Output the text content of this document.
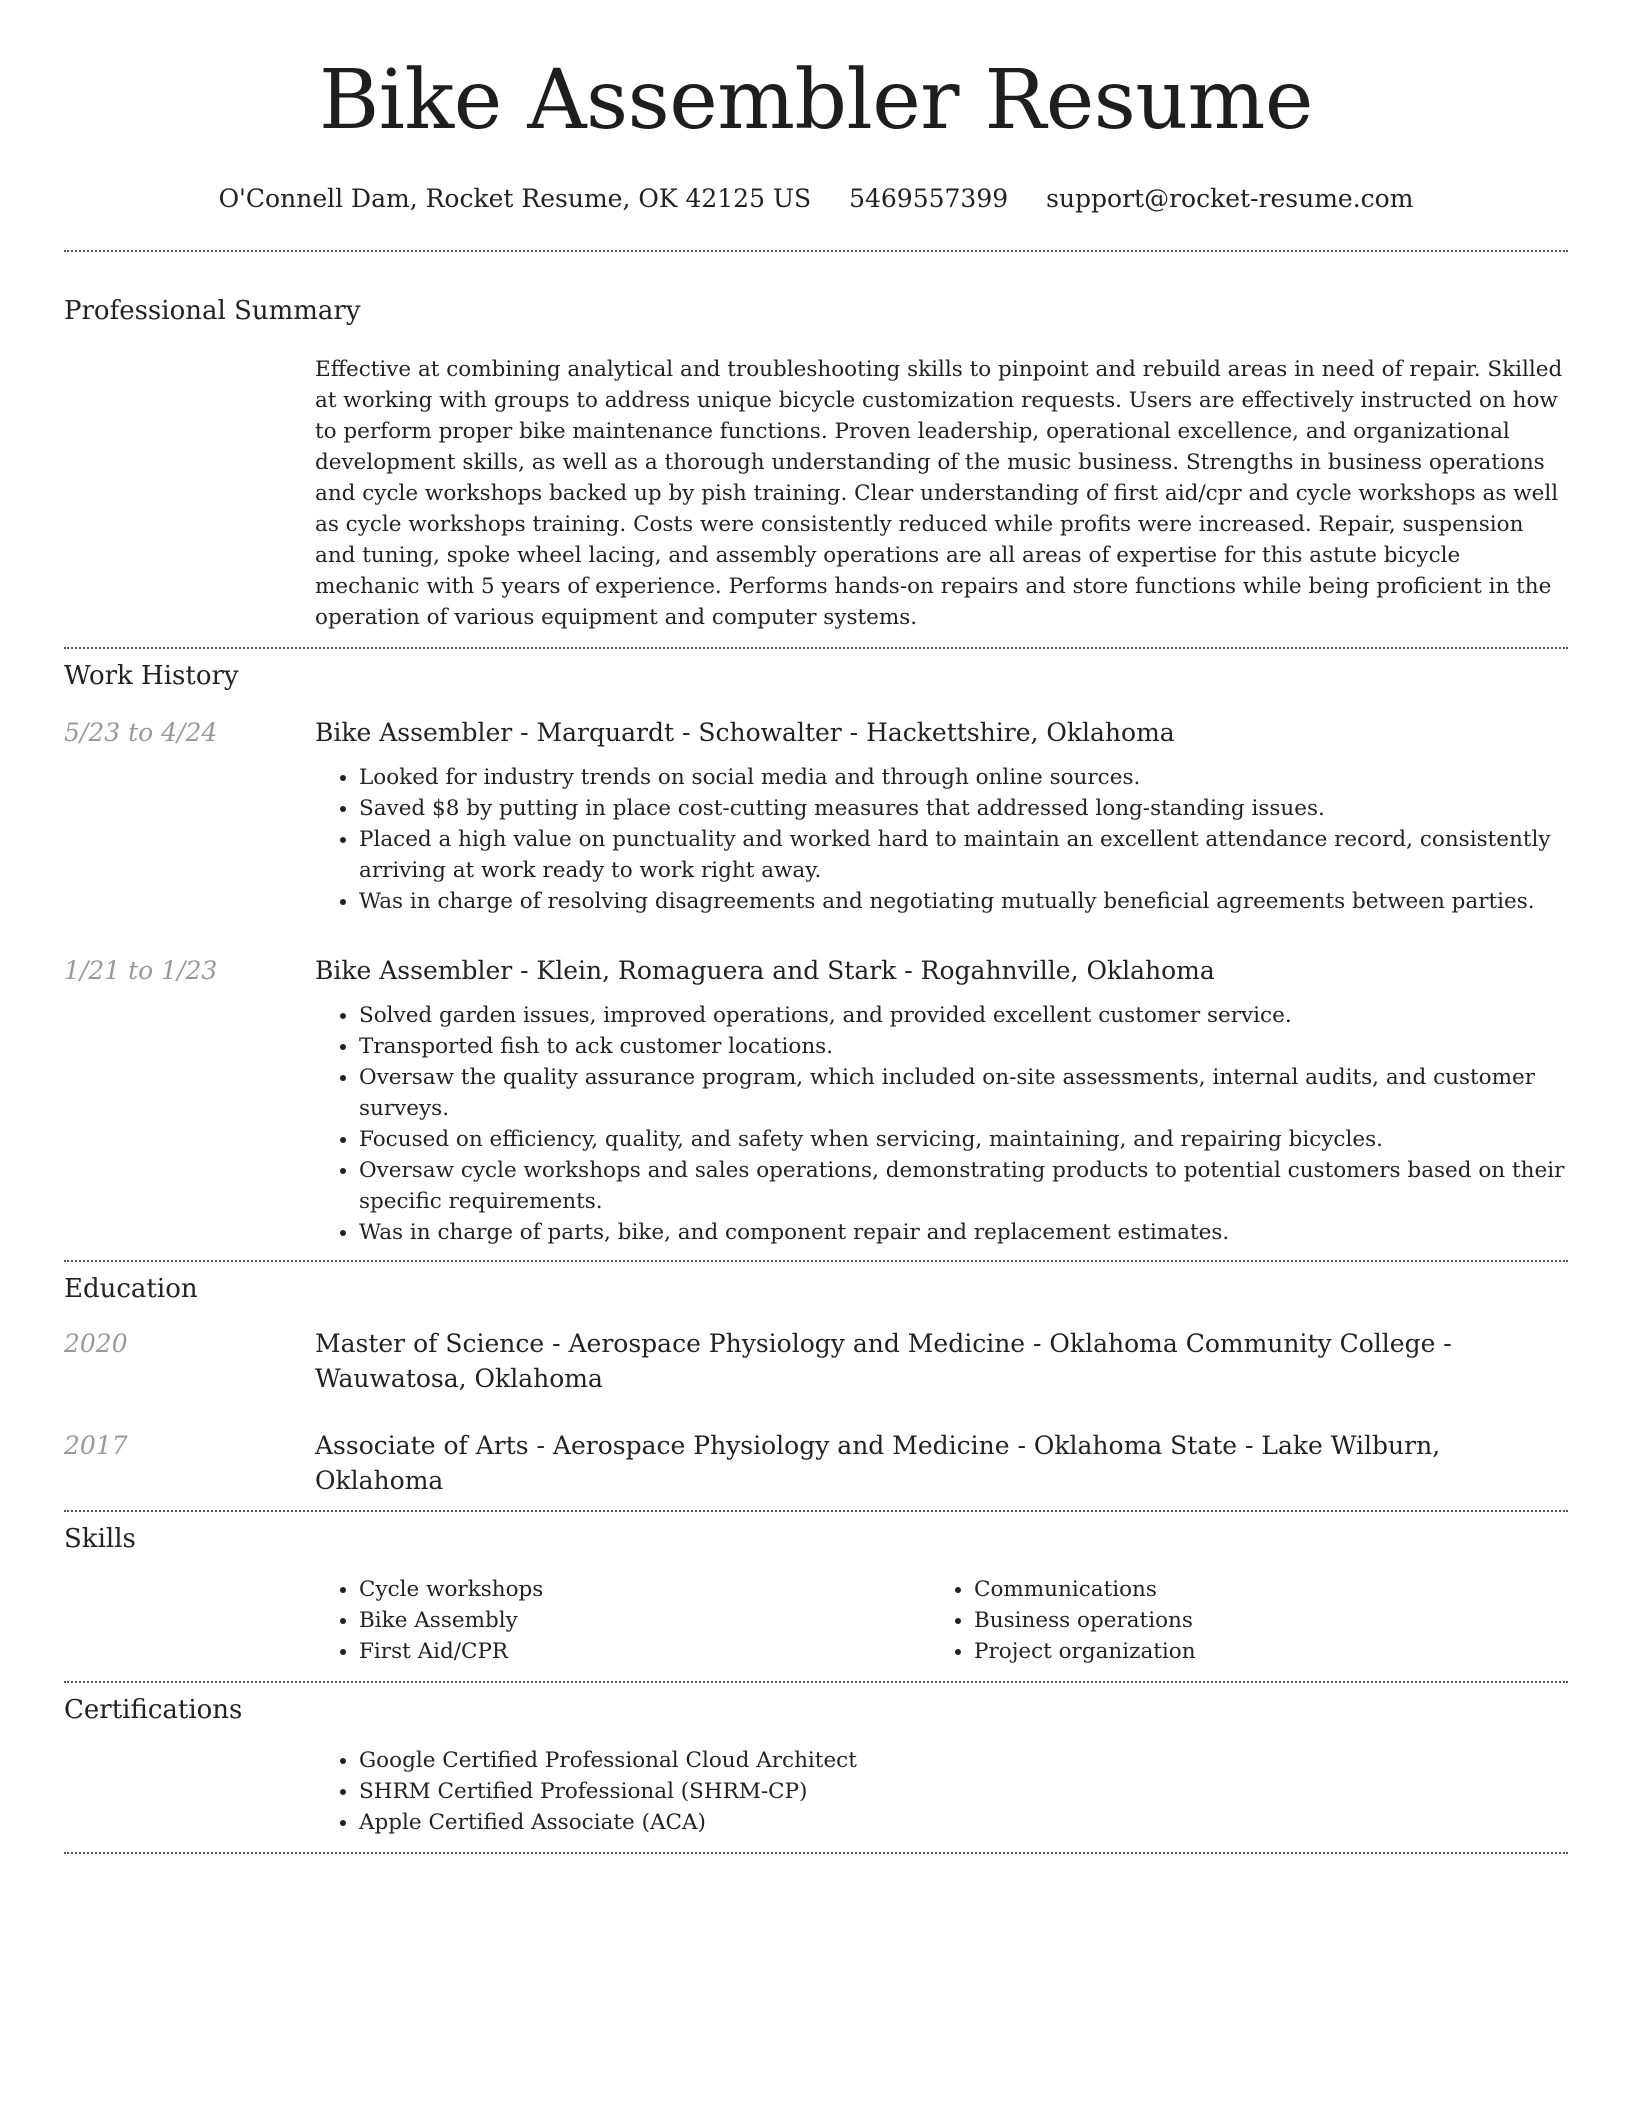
Bike Assembler Resume
O'Connell Dam, Rocket Resume, OK 42125 US 5469557399 support@rocket-resume.com
Professional Summary
Effective at combining analytical and troubleshooting skills to pinpoint and rebuild areas in need of repair. Skilled at working with groups to address unique bicycle customization requests. Users are effectively instructed on how to perform proper bike maintenance functions. Proven leadership, operational excellence, and organizational development skills, as well as a thorough understanding of the music business. Strengths in business operations and cycle workshops backed up by pish training. Clear understanding of first aid/cpr and cycle workshops as well as cycle workshops training. Costs were consistently reduced while profits were increased. Repair, suspension and tuning, spoke wheel lacing, and assembly operations are all areas of expertise for this astute bicycle mechanic with 5 years of experience. Performs hands-on repairs and store functions while being proficient in the operation of various equipment and computer systems.
Work History
5/23 to 4/24	Bike Assembler - Marquardt - Schowalter - Hackettshire, Oklahoma
• Looked for industry trends on social media and through online sources.
• Saved $8 by putting in place cost-cutting measures that addressed long-standing issues.
• Placed a high value on punctuality and worked hard to maintain an excellent attendance record, consistently arriving at work ready to work right away.
• Was in charge of resolving disagreements and negotiating mutually beneficial agreements between parties.
1/21 to 1/23	Bike Assembler - Klein, Romaguera and Stark - Rogahnville, Oklahoma
• Solved garden issues, improved operations, and provided excellent customer service.
• Transported fish to ack customer locations.
• Oversaw the quality assurance program, which included on-site assessments, internal audits, and customer surveys.
• Focused on efficiency, quality, and safety when servicing, maintaining, and repairing bicycles.
• Oversaw cycle workshops and sales operations, demonstrating products to potential customers based on their specific requirements.
• Was in charge of parts, bike, and component repair and replacement estimates.
Education
2020	Master of Science - Aerospace Physiology and Medicine - Oklahoma Community College - Wauwatosa, Oklahoma
2017	Associate of Arts - Aerospace Physiology and Medicine - Oklahoma State - Lake Wilburn, Oklahoma
Skills
• Cycle workshops
• Bike Assembly
• First Aid/CPR
• Communications
• Business operations
• Project organization
Certifications
• Google Certified Professional Cloud Architect
• SHRM Certified Professional (SHRM-CP)
• Apple Certified Associate (ACA)
